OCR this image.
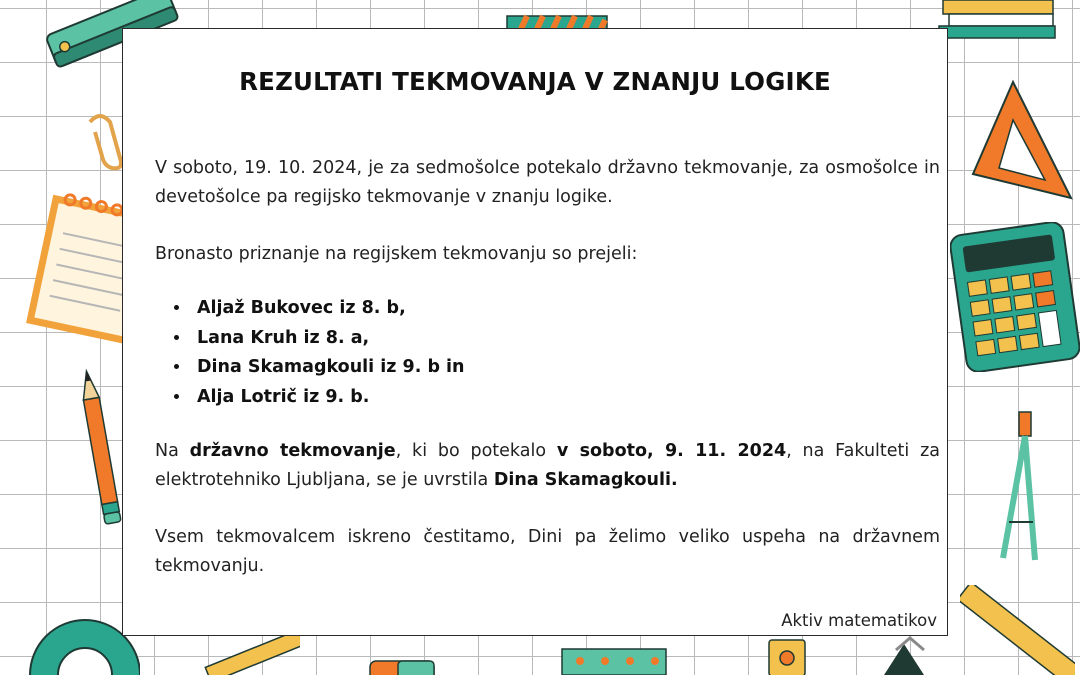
REZULTATI TEKMOVANJA V ZNANJU LOGIKE
V soboto, 19. 10. 2024, je za sedmošolce potekalo državno tekmovanje, za osmošolce in devetošolce pa regijsko tekmovanje v znanju logike.
Bronasto priznanje na regijskem tekmovanju so prejeli:
• Aljaž Bukovec iz 8. b,
• Lana Kruh iz 8. a,
• Dina Skamagkouli iz 9. b in
• Alja Lotrič iz 9. b.
Na državno tekmovanje, ki bo potekalo v soboto, 9. 11. 2024, na Fakulteti za elektrotehniko Ljubljana, se je uvrstila Dina Skamagkouli.
Vsem tekmovalcem iskreno čestitamo, Dini pa želimo veliko uspeha na državnem tekmovanju.
Aktiv matematikov
